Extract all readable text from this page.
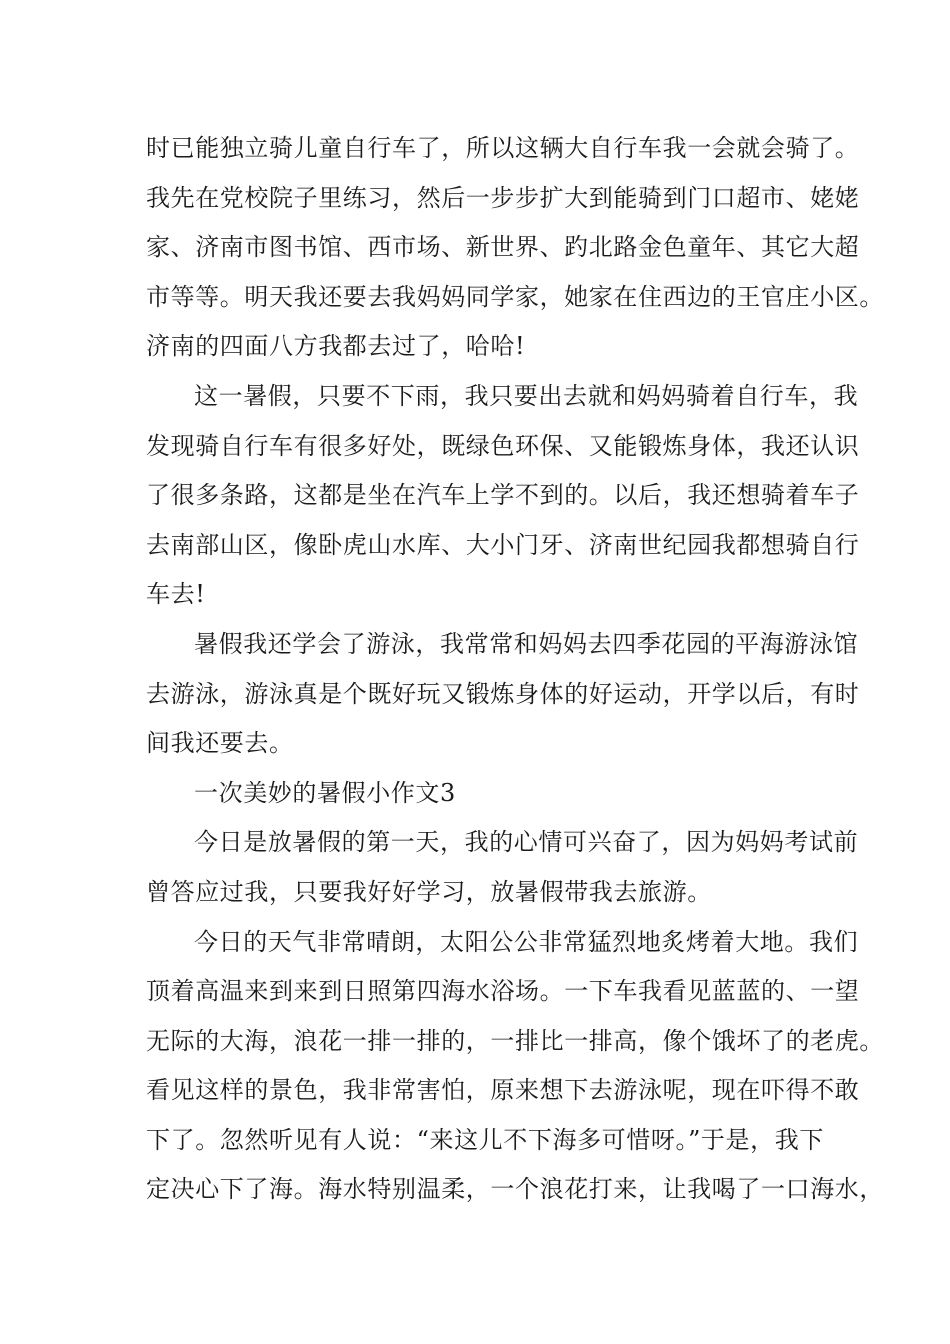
时已能独立骑儿童自行车了，所以这辆大自行车我一会就会骑了。
我先在党校院子里练习，然后一步步扩大到能骑到门口超市、姥姥
家、济南市图书馆、西市场、新世界、趵北路金色童年、其它大超
市等等。明天我还要去我妈妈同学家，她家在住西边的王官庄小区。
济南的四面八方我都去过了，哈哈!
这一暑假，只要不下雨，我只要出去就和妈妈骑着自行车，我
发现骑自行车有很多好处，既绿色环保、又能锻炼身体，我还认识
了很多条路，这都是坐在汽车上学不到的。以后，我还想骑着车子
去南部山区，像卧虎山水库、大小门牙、济南世纪园我都想骑自行
车去!
暑假我还学会了游泳，我常常和妈妈去四季花园的平海游泳馆
去游泳，游泳真是个既好玩又锻炼身体的好运动，开学以后，有时
间我还要去。
一次美妙的暑假小作文3
今日是放暑假的第一天，我的心情可兴奋了，因为妈妈考试前
曾答应过我，只要我好好学习，放暑假带我去旅游。
今日的天气非常晴朗，太阳公公非常猛烈地炙烤着大地。我们
顶着高温来到来到日照第四海水浴场。一下车我看见蓝蓝的、一望
无际的大海，浪花一排一排的，一排比一排高，像个饿坏了的老虎。
看见这样的景色，我非常害怕，原来想下去游泳呢，现在吓得不敢
下了。忽然听见有人说：“来这儿不下海多可惜呀。”于是，我下
定决心下了海。海水特别温柔，一个浪花打来，让我喝了一口海水，
